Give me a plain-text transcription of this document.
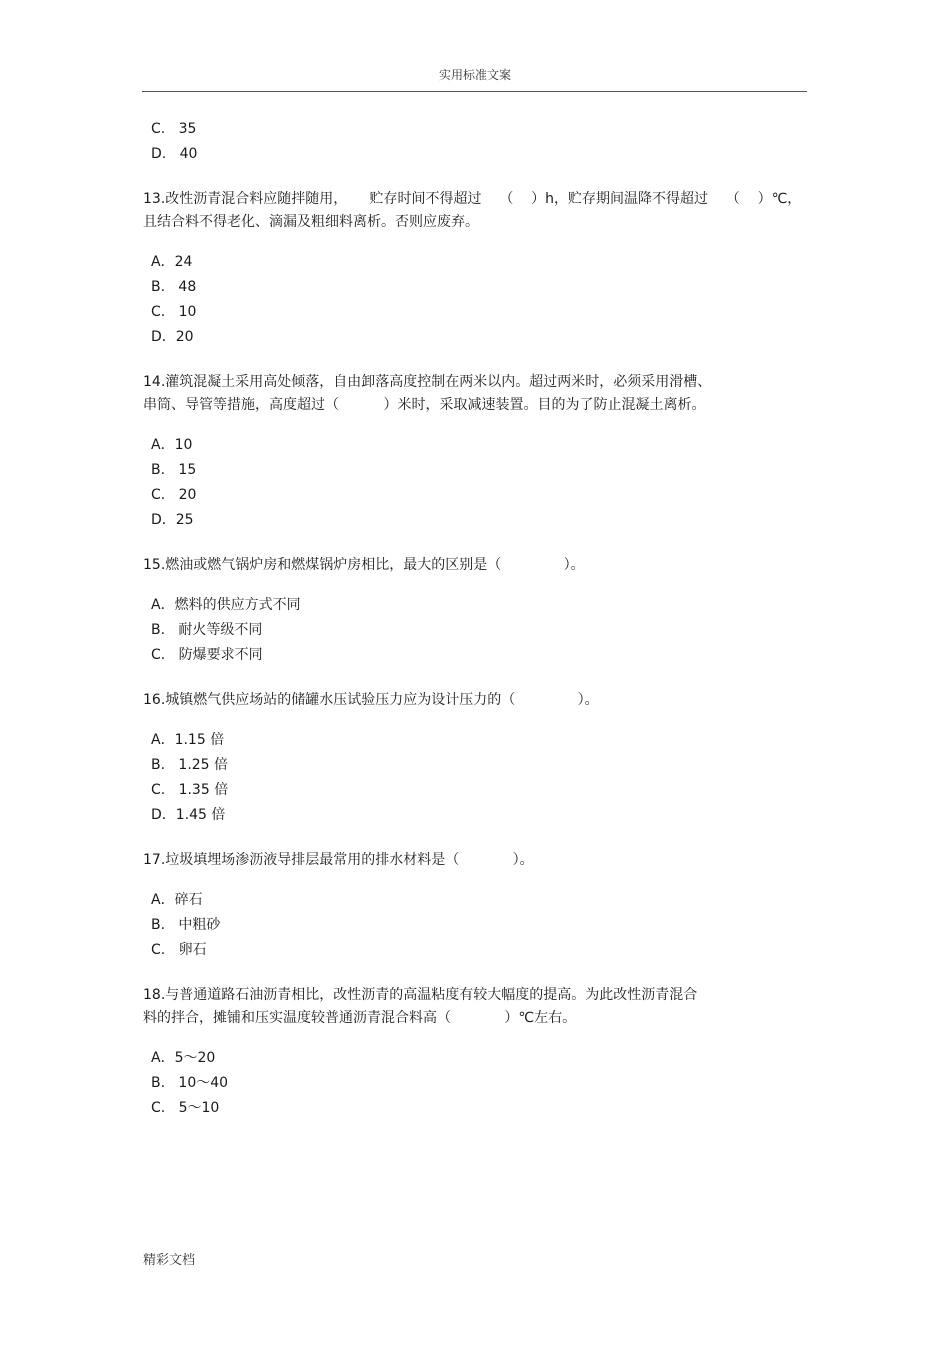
实用标准文案
C.   35
D.   40
13.改性沥青混合料应随拌随用，     贮存时间不得超过    （    ）h，贮存期间温降不得超过    （    ）℃，
且结合料不得老化、滴漏及粗细料离析。否则应废弃。
A．24
B.   48
C.   10
D．20
14.灌筑混凝土采用高处倾落，自由卸落高度控制在两米以内。超过两米时，必须采用滑槽、
串筒、导管等措施，高度超过（          ）米时，采取减速装置。目的为了防止混凝土离析。
A．10
B.   15
C.   20
D．25
15.燃油或燃气锅炉房和燃煤锅炉房相比，最大的区别是（              ）。
A．燃料的供应方式不同
B.   耐火等级不同
C.   防爆要求不同
16.城镇燃气供应场站的储罐水压试验压力应为设计压力的（              ）。
A．1.15 倍
B.   1.25 倍
C.   1.35 倍
D．1.45 倍
17.垃圾填埋场渗沥液导排层最常用的排水材料是（            ）。
A．碎石
B.   中粗砂
C.   卵石
18.与普通道路石油沥青相比，改性沥青的高温粘度有较大幅度的提高。为此改性沥青混合
料的拌合，摊铺和压实温度较普通沥青混合料高（            ）℃左右。
A．5～20
B.   10～40
C.   5～10
精彩文档
